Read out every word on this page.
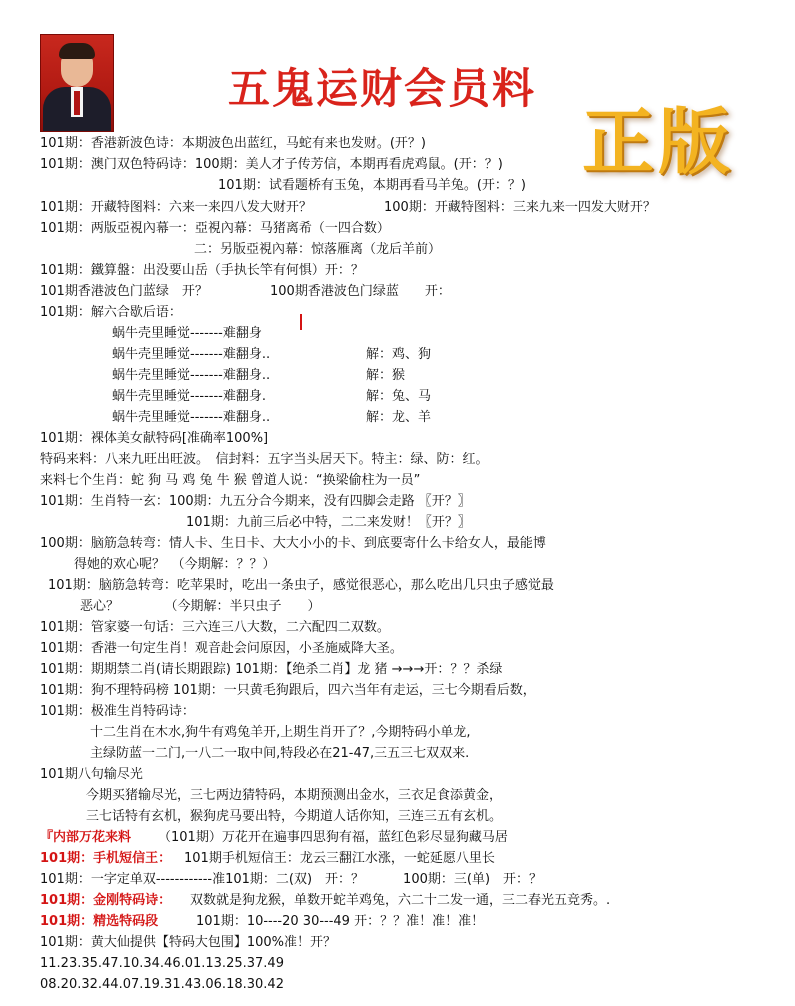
五鬼运财会员料
正版
101期：香港新波色诗：本期波色出蓝红，马蛇有来也发财。(开？)
101期：澳门双色特码诗：100期：美人才子传芳信，本期再看虎鸡鼠。(开：？)
101期：试看题桥有玉兔，本期再看马羊兔。(开：？)
101期：开藏特图料：六来一来四八发大财开？	100期：开藏特图料：三来九来一四发大财开？
101期：两版亞視內幕一：亞視內幕：马猪离希（一四合数）
二：另版亞視內幕：惊落雁离（龙后羊前）
101期：鐵算盤：出没要山岳（手执长竿有何惧）开：？
101期香港波色门蓝绿　开？	100期香港波色门绿蓝　　开：
101期：解六合歇后语：
蜗牛壳里睡觉-------难翻身
蜗牛壳里睡觉-------难翻身..	解：鸡、狗
蜗牛壳里睡觉-------难翻身..	解：猴
蜗牛壳里睡觉-------难翻身.	解：兔、马
蜗牛壳里睡觉-------难翻身..	解：龙、羊
101期：裸体美女献特码[准确率100%]
特码来料：八来九旺出旺波。　信封料：五字当头居天下。特主：绿、防：红。
来料七个生肖：蛇 狗 马 鸡 兔 牛 猴 曾道人说：“换梁偷柱为一员”
101期：生肖特一玄：100期：九五分合今期来，没有四脚会走路 〖开？〗
101期：九前三后必中特，二二来发财！〖开？〗
100期：脑筋急转弯：情人卡、生日卡、大大小小的卡、到底要寄什么卡给女人，最能博
得她的欢心呢？　（今期解：？？）
101期：脑筋急转弯：吃苹果时，吃出一条虫子，感觉很恶心，那么吃出几只虫子感觉最
恶心？　　　　（今期解：半只虫子　　）
101期：管家婆一句话：三六连三八大数，二六配四二双数。
101期：香港一句定生肖！观音赴会问原因，小圣施威降大圣。
101期：期期禁二肖(请长期跟踪) 101期：【绝杀二肖】龙 猪 →→→开：？？杀绿
101期：狗不理特码榜 101期：一只黄毛狗跟后，四六当年有走运，三七今期看后数，
101期：极准生肖特码诗：
十二生肖在木水,狗牛有鸡兔羊开,上期生肖开了？,今期特码小单龙,
主绿防蓝一二门,一八二一取中间,特段必在21-47,三五三七双双来.
101期八句输尽光
今期买猪输尽光，三七两边猜特码，本期预测出金水，三衣足食添黄金，
三七话特有玄机，猴狗虎马要出特，今期道人话你知，三连三五有玄机。
『内部万花来料 （101期）万花开在遍事四思狗有福，蓝红色彩尽显狗藏马居
101期：手机短信王： 101期手机短信王：龙云三翻江水涨，一蛇延愿八里长
101期：一字定单双------------准101期：二(双)　开：？　　　100期：三(单)　开：？
101期：金刚特码诗： 双数就是狗龙猴，单数开蛇羊鸡兔，六二十二发一通，三二春光五竞秀。.
101期：精选特码段	101期：10----20 30---49 开：？？准！准！准！
101期：黄大仙提供【特码大包围】100%准！开？
11.23.35.47.10.34.46.01.13.25.37.49
08.20.32.44.07.19.31.43.06.18.30.42
